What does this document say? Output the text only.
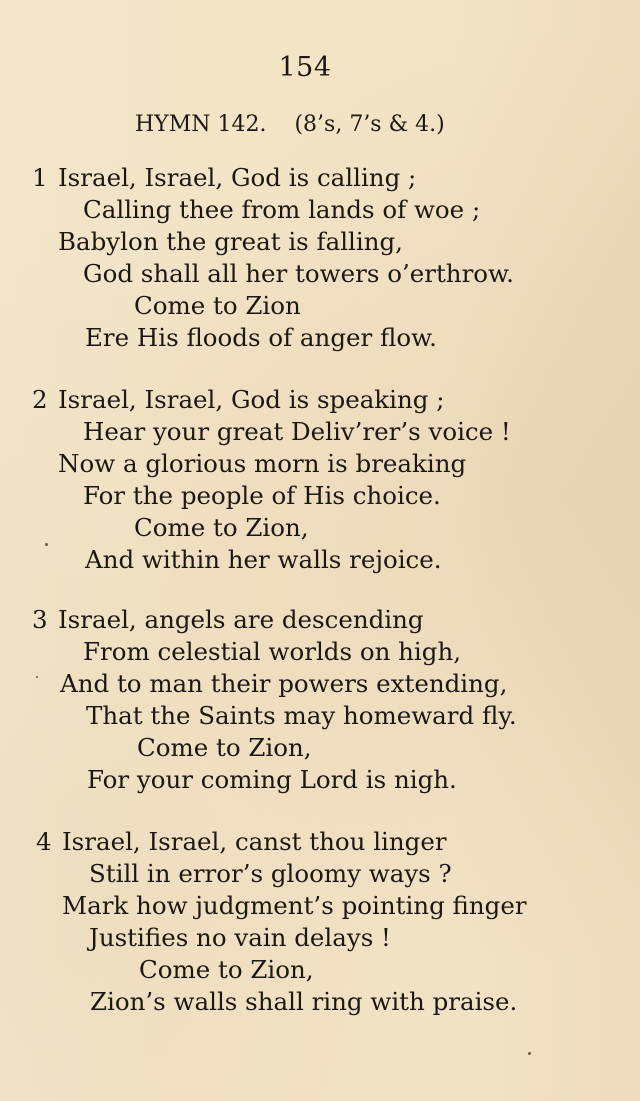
154
HYMN 142. (8’s, 7’s & 4.)
1 Israel, Israel, God is calling ;
Calling thee from lands of woe ;
Babylon the great is falling,
God shall all her towers o’erthrow.
Come to Zion
Ere His floods of anger flow.
2 Israel, Israel, God is speaking ;
Hear your great Deliv’rer’s voice !
Now a glorious morn is breaking
For the people of His choice.
Come to Zion,
And within her walls rejoice.
3 Israel, angels are descending
From celestial worlds on high,
And to man their powers extending,
That the Saints may homeward fly.
Come to Zion,
For your coming Lord is nigh.
4 Israel, Israel, canst thou linger
Still in error’s gloomy ways ?
Mark how judgment’s pointing finger
Justifies no vain delays !
Come to Zion,
Zion’s walls shall ring with praise.
